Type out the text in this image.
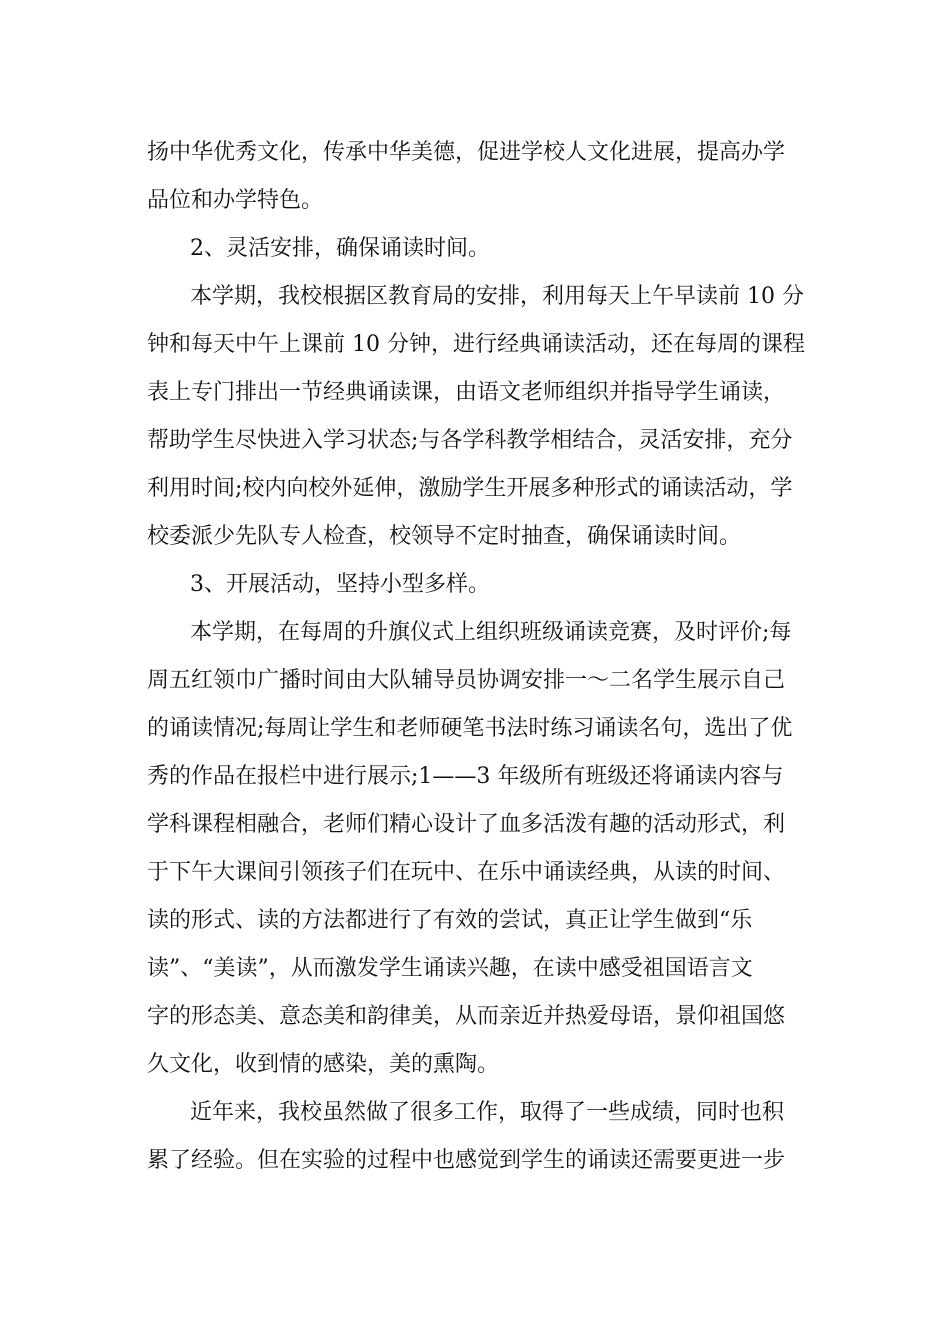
扬中华优秀文化，传承中华美德，促进学校人文化进展，提高办学
品位和办学特色。
2、灵活安排，确保诵读时间。
本学期，我校根据区教育局的安排，利用每天上午早读前 10 分
钟和每天中午上课前 10 分钟，进行经典诵读活动，还在每周的课程
表上专门排出一节经典诵读课，由语文老师组织并指导学生诵读，
帮助学生尽快进入学习状态;与各学科教学相结合，灵活安排，充分
利用时间;校内向校外延伸，激励学生开展多种形式的诵读活动，学
校委派少先队专人检查，校领导不定时抽查，确保诵读时间。
3、开展活动，坚持小型多样。
本学期，在每周的升旗仪式上组织班级诵读竞赛，及时评价;每
周五红领巾广播时间由大队辅导员协调安排一～二名学生展示自己
的诵读情况;每周让学生和老师硬笔书法时练习诵读名句，选出了优
秀的作品在报栏中进行展示;1——3 年级所有班级还将诵读内容与
学科课程相融合，老师们精心设计了血多活泼有趣的活动形式，利
于下午大课间引领孩子们在玩中、在乐中诵读经典，从读的时间、
读的形式、读的方法都进行了有效的尝试，真正让学生做到“乐
读”、“美读”，从而激发学生诵读兴趣，在读中感受祖国语言文
字的形态美、意态美和韵律美，从而亲近并热爱母语，景仰祖国悠
久文化，收到情的感染，美的熏陶。
近年来，我校虽然做了很多工作，取得了一些成绩，同时也积
累了经验。但在实验的过程中也感觉到学生的诵读还需要更进一步
